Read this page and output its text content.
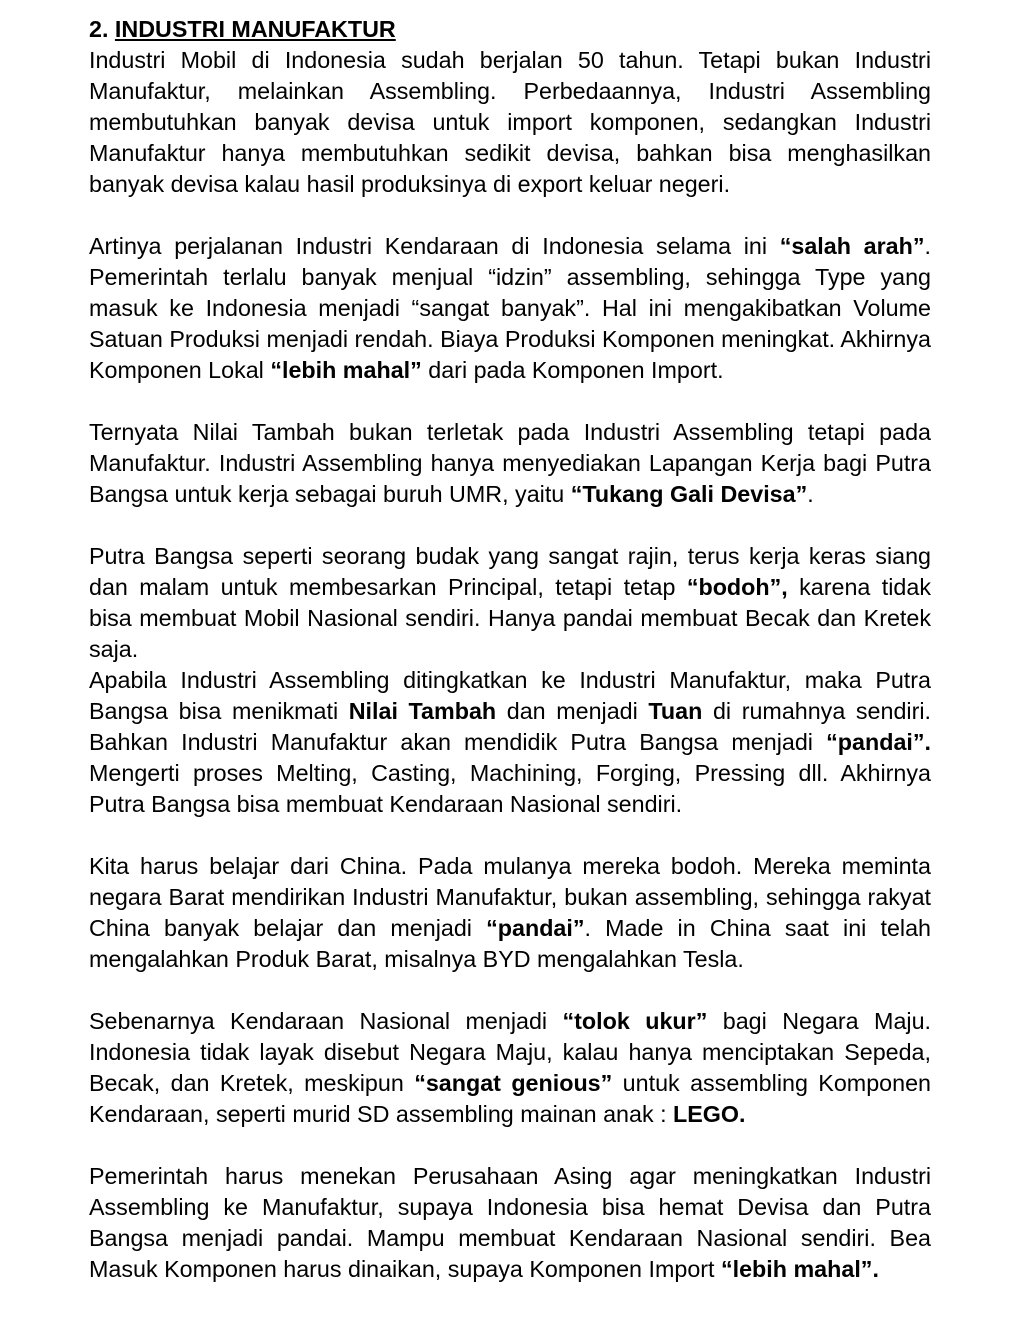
2. INDUSTRI MANUFAKTUR

Industri Mobil di Indonesia sudah berjalan 50 tahun. Tetapi bukan Industri Manufaktur, melainkan Assembling. Perbedaannya, Industri Assembling membutuhkan banyak devisa untuk import komponen, sedangkan Industri Manufaktur hanya membutuhkan sedikit devisa, bahkan bisa menghasilkan banyak devisa kalau hasil produksinya di export keluar negeri.

Artinya perjalanan Industri Kendaraan di Indonesia selama ini “salah arah”. Pemerintah terlalu banyak menjual “idzin” assembling, sehingga Type yang masuk ke Indonesia menjadi “sangat banyak”. Hal ini mengakibatkan Volume Satuan Produksi menjadi rendah. Biaya Produksi Komponen meningkat. Akhirnya Komponen Lokal “lebih mahal” dari pada Komponen Import.

Ternyata Nilai Tambah bukan terletak pada Industri Assembling tetapi pada Manufaktur. Industri Assembling hanya menyediakan Lapangan Kerja bagi Putra Bangsa untuk kerja sebagai buruh UMR, yaitu “Tukang Gali Devisa”.

Putra Bangsa seperti seorang budak yang sangat rajin, terus kerja keras siang dan malam untuk membesarkan Principal, tetapi tetap “bodoh”, karena tidak bisa membuat Mobil Nasional sendiri. Hanya pandai membuat Becak dan Kretek saja.

Apabila Industri Assembling ditingkatkan ke Industri Manufaktur, maka Putra Bangsa bisa menikmati Nilai Tambah dan menjadi Tuan di rumahnya sendiri. Bahkan Industri Manufaktur akan mendidik Putra Bangsa menjadi “pandai”. Mengerti proses Melting, Casting, Machining, Forging, Pressing dll. Akhirnya Putra Bangsa bisa membuat Kendaraan Nasional sendiri.

Kita harus belajar dari China. Pada mulanya mereka bodoh. Mereka meminta negara Barat mendirikan Industri Manufaktur, bukan assembling, sehingga rakyat China banyak belajar dan menjadi “pandai”. Made in China saat ini telah mengalahkan Produk Barat, misalnya BYD mengalahkan Tesla.

Sebenarnya Kendaraan Nasional menjadi “tolok ukur” bagi Negara Maju. Indonesia tidak layak disebut Negara Maju, kalau hanya menciptakan Sepeda, Becak, dan Kretek, meskipun “sangat genious” untuk assembling Komponen Kendaraan, seperti murid SD assembling mainan anak : LEGO.

Pemerintah harus menekan Perusahaan Asing agar meningkatkan Industri Assembling ke Manufaktur, supaya Indonesia bisa hemat Devisa dan Putra Bangsa menjadi pandai. Mampu membuat Kendaraan Nasional sendiri. Bea Masuk Komponen harus dinaikan, supaya Komponen Import “lebih mahal”.
